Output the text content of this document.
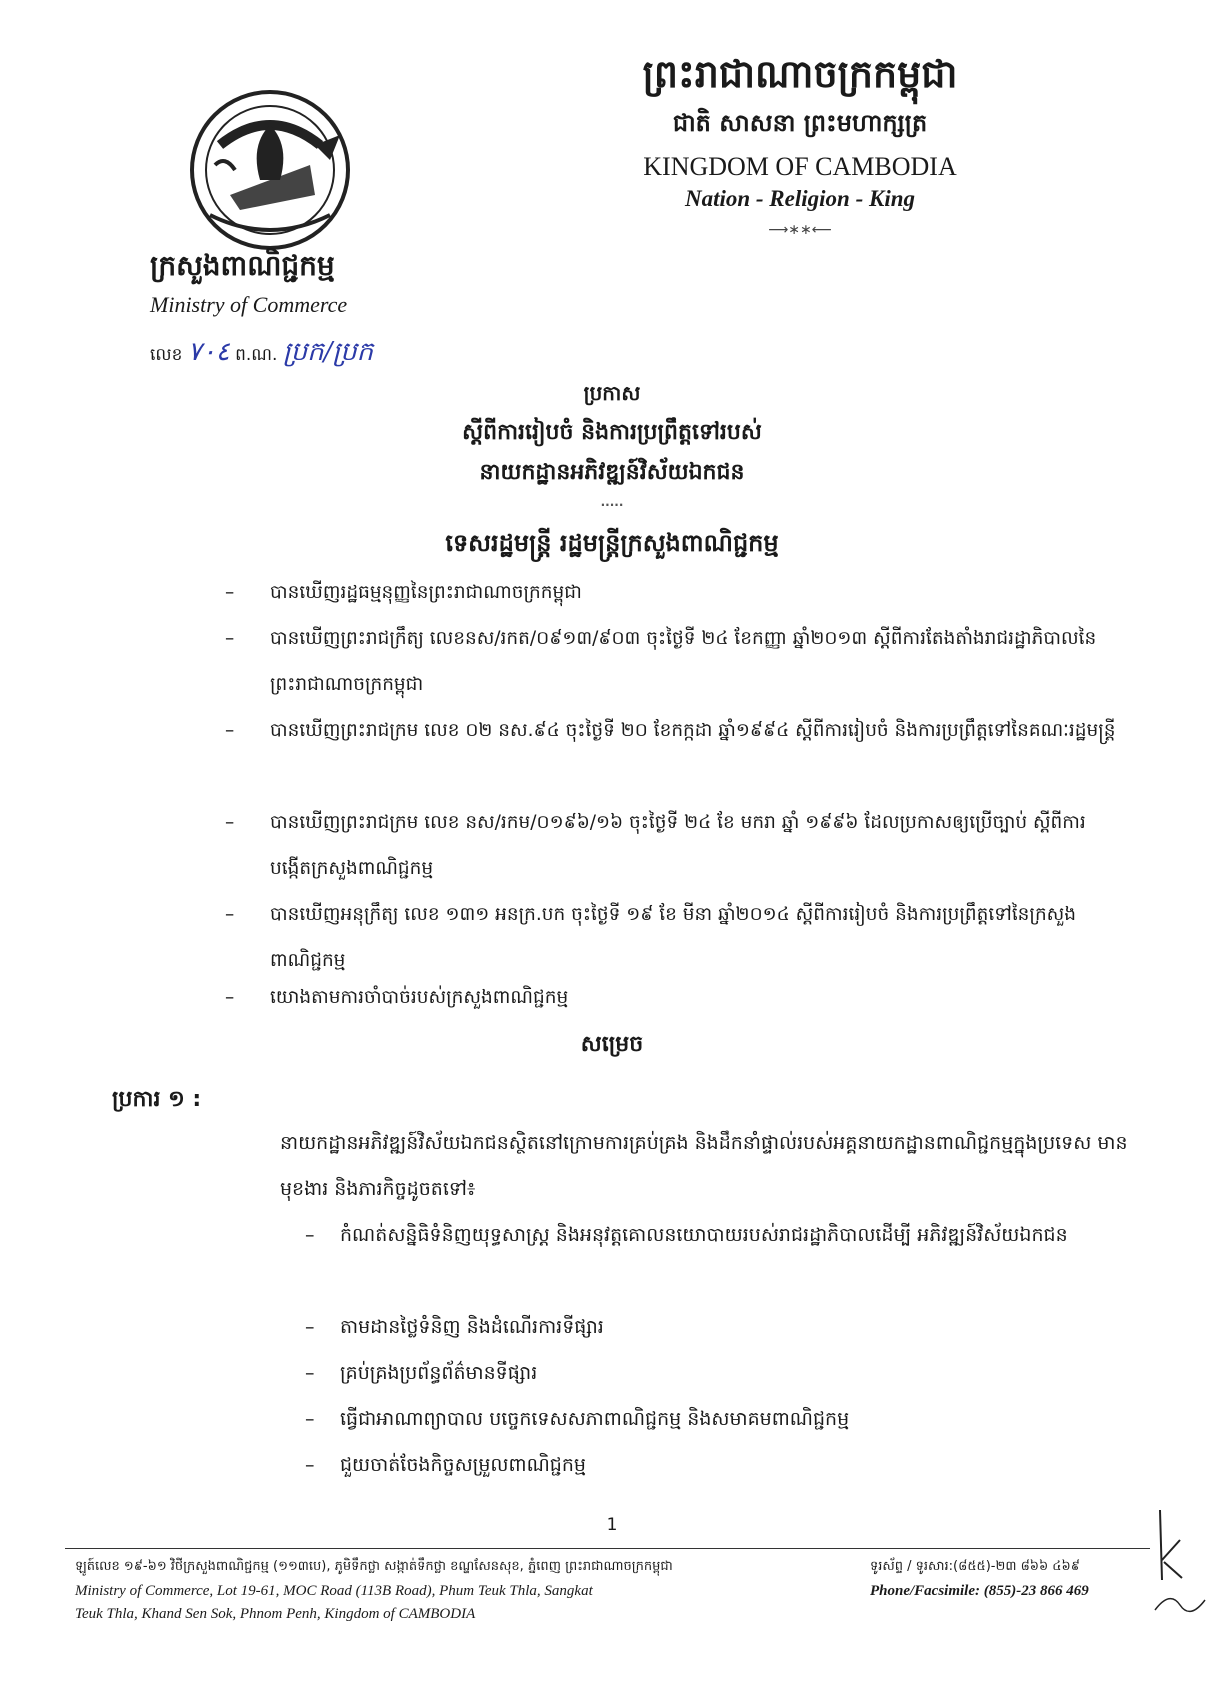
ក្រសួងពាណិជ្ជកម្ម
Ministry of Commerce
លេខ ٧٠٤ ព.ណ. ប្រក/ប្រក
ព្រះរាជាណាចក្រកម្ពុជា
ជាតិ សាសនា ព្រះមហាក្សត្រ
KINGDOM OF CAMBODIA
Nation - Religion - King
⟶∗∗⟵
ប្រកាស
ស្តីពីការរៀបចំ និងការប្រព្រឹត្តទៅរបស់
នាយកដ្ឋានអភិវឌ្ឍន៍វិស័យឯកជន
·····
ទេសរដ្ឋមន្ត្រី រដ្ឋមន្ត្រីក្រសួងពាណិជ្ជកម្ម
– បានឃើញរដ្ឋធម្មនុញ្ញនៃព្រះរាជាណាចក្រកម្ពុជា
– បានឃើញព្រះរាជក្រឹត្យ លេខនស/រកត/០៩១៣/៩០៣ ចុះថ្ងៃទី ២៤ ខែកញ្ញា ឆ្នាំ២០១៣ ស្តីពីការតែងតាំងរាជរដ្ឋាភិបាលនៃព្រះរាជាណាចក្រកម្ពុជា
– បានឃើញព្រះរាជក្រម លេខ ០២ នស.៩៤ ចុះថ្ងៃទី ២០ ខែកក្កដា ឆ្នាំ១៩៩៤ ស្តីពីការរៀបចំ និងការប្រព្រឹត្តទៅនៃគណៈរដ្ឋមន្ត្រី
– បានឃើញព្រះរាជក្រម លេខ នស/រកម/០១៩៦/១៦ ចុះថ្ងៃទី ២៤ ខែ មករា ឆ្នាំ ១៩៩៦ ដែលប្រកាសឲ្យប្រើច្បាប់ ស្តីពីការបង្កើតក្រសួងពាណិជ្ជកម្ម
– បានឃើញអនុក្រឹត្យ លេខ ១៣១ អនក្រ.បក ចុះថ្ងៃទី ១៩ ខែ មីនា ឆ្នាំ២០១៤ ស្តីពីការរៀបចំ និងការប្រព្រឹត្តទៅនៃក្រសួងពាណិជ្ជកម្ម
– យោងតាមការចាំបាច់របស់ក្រសួងពាណិជ្ជកម្ម
សម្រេច
ប្រការ ១ :
នាយកដ្ឋានអភិវឌ្ឍន៍វិស័យឯកជនស្ថិតនៅក្រោមការគ្រប់គ្រង និងដឹកនាំផ្ទាល់របស់អគ្គនាយកដ្ឋានពាណិជ្ជកម្មក្នុងប្រទេស មានមុខងារ និងភារកិច្ចដូចតទៅ៖
– កំណត់សន្និធិទំនិញយុទ្ធសាស្ត្រ និងអនុវត្តគោលនយោបាយរបស់រាជរដ្ឋាភិបាលដើម្បី អភិវឌ្ឍន៍វិស័យឯកជន
– តាមដានថ្លៃទំនិញ និងដំណើរការទីផ្សារ
– គ្រប់គ្រងប្រព័ន្ធព័ត៌មានទីផ្សារ
– ធ្វើជាអាណាព្យាបាល បច្ចេកទេសសភាពាណិជ្ជកម្ម និងសមាគមពាណិជ្ជកម្ម
– ជួយចាត់ចែងកិច្ចសម្រួលពាណិជ្ជកម្ម
1
ឡូត៍លេខ ១៩-៦១ វិថីក្រសួងពាណិជ្ជកម្ម (១១៣បេ), ភូមិទឹកថ្លា សង្កាត់ទឹកថ្លា ខណ្ឌសែនសុខ, ភ្នំពេញ ព្រះរាជាណាចក្រកម្ពុជា
Ministry of Commerce, Lot 19-61, MOC Road (113B Road), Phum Teuk Thla, Sangkat
Teuk Thla, Khand Sen Sok, Phnom Penh, Kingdom of CAMBODIA
ទូរស័ព្ទ / ទូរសារ:(៨៥៥)-២៣ ៨៦៦ ៤៦៩
Phone/Facsimile: (855)-23 866 469
